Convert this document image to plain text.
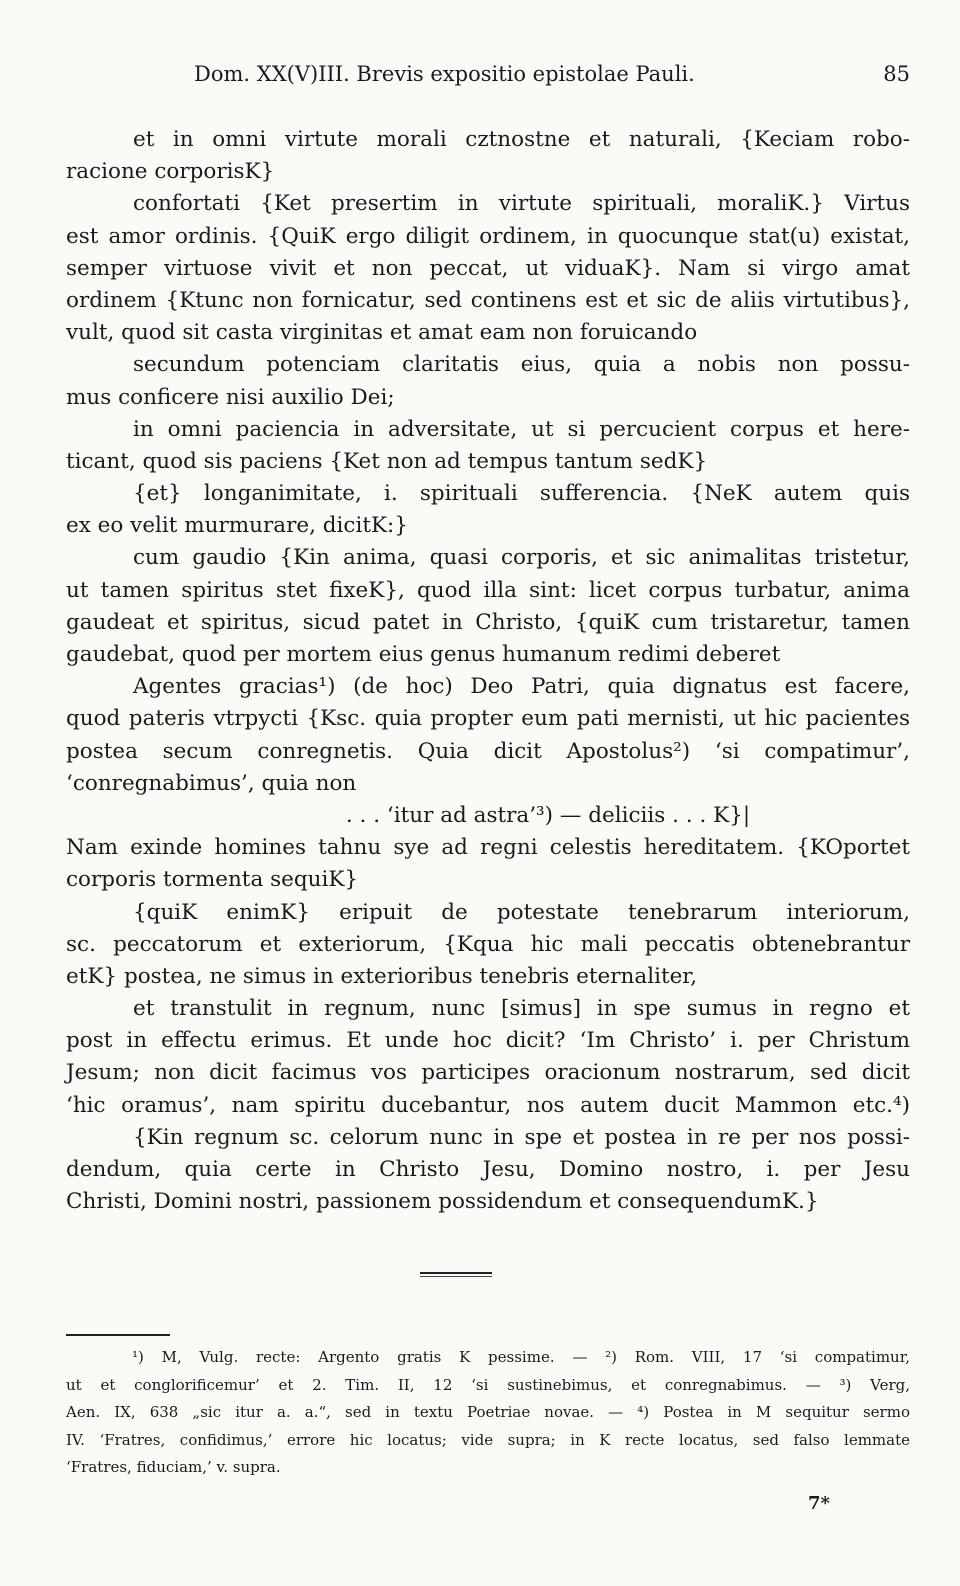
Dom. XX(V)III. Brevis expositio epistolae Pauli.	85
et in omni virtute morali cztnostne et naturali, {Keciam robo-
racione corporisK}
confortati {Ket presertim in virtute spirituali, moraliK.} Virtus
est amor ordinis. {QuiK ergo diligit ordinem, in quocunque stat(u) existat,
semper virtuose vivit et non peccat, ut viduaK}. Nam si virgo amat
ordinem {Ktunc non fornicatur, sed continens est et sic de aliis virtutibus},
vult, quod sit casta virginitas et amat eam non foruicando
secundum potenciam claritatis eius, quia a nobis non possu-
mus conficere nisi auxilio Dei;
in omni paciencia in adversitate, ut si percucient corpus et here-
ticant, quod sis paciens {Ket non ad tempus tantum sedK}
{et} longanimitate, i. spirituali sufferencia. {NeK autem quis
ex eo velit murmurare, dicitK:}
cum gaudio {Kin anima, quasi corporis, et sic animalitas tristetur,
ut tamen spiritus stet fixeK}, quod illa sint: licet corpus turbatur, anima
gaudeat et spiritus, sicud patet in Christo, {quiK cum tristaretur, tamen
gaudebat, quod per mortem eius genus humanum redimi deberet
Agentes gracias¹) (de hoc) Deo Patri, quia dignatus est facere,
quod pateris vtrpycti {Ksc. quia propter eum pati mernisti, ut hic pacientes
postea secum conregnetis. Quia dicit Apostolus²) ‘si compatimur’,
‘conregnabimus’, quia non
. . . ‘itur ad astra’³) — deliciis . . . K}|
Nam exinde homines tahnu sye ad regni celestis hereditatem. {KOportet
corporis tormenta sequiK}
{quiK enimK} eripuit de potestate tenebrarum interiorum,
sc. peccatorum et exteriorum, {Kqua hic mali peccatis obtenebrantur
etK} postea, ne simus in exterioribus tenebris eternaliter,
et transtulit in regnum, nunc [simus] in spe sumus in regno et
post in effectu erimus. Et unde hoc dicit? ‘Im Christo’ i. per Christum
Jesum; non dicit facimus vos participes oracionum nostrarum, sed dicit
‘hic oramus’, nam spiritu ducebantur, nos autem ducit Mammon etc.⁴)
{Kin regnum sc. celorum nunc in spe et postea in re per nos possi-
dendum, quia certe in Christo Jesu, Domino nostro, i. per Jesu
Christi, Domini nostri, passionem possidendum et consequendumK.}
¹) M, Vulg. recte: Argento gratis K pessime. — ²) Rom. VIII, 17 ‘si compatimur,
ut et conglorificemur’ et 2. Tim. II, 12 ‘si sustinebimus, et conregnabimus. — ³) Verg,
Aen. IX, 638 „sic itur a. a.“, sed in textu Poetriae novae. — ⁴) Postea in M sequitur sermo
IV. ‘Fratres, confidimus,’ errore hic locatus; vide supra; in K recte locatus, sed falso lemmate
‘Fratres, fiduciam,’ v. supra.
7*
